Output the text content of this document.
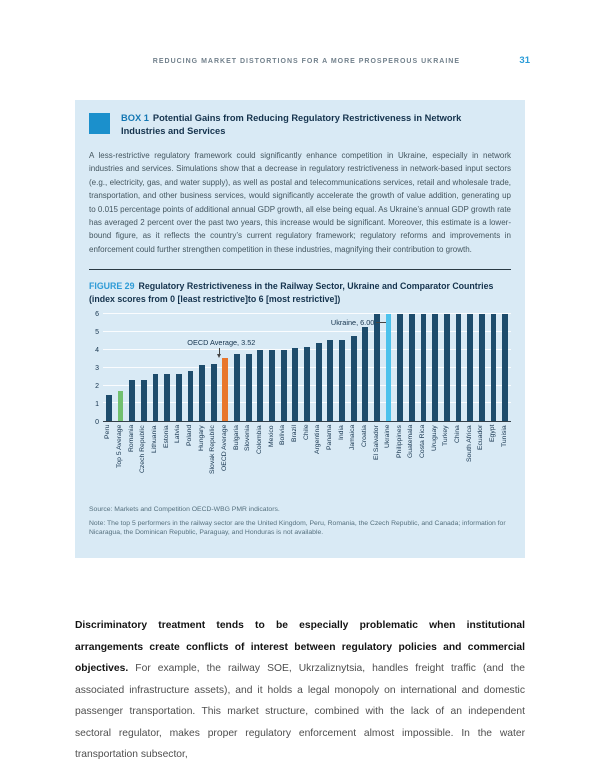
REDUCING MARKET DISTORTIONS FOR A MORE PROSPEROUS UKRAINE	31
BOX 1 Potential Gains from Reducing Regulatory Restrictiveness in Network Industries and Services
A less-restrictive regulatory framework could significantly enhance competition in Ukraine, especially in network industries and services. Simulations show that a decrease in regulatory restrictiveness in network-based input sectors (e.g., electricity, gas, and water supply), as well as postal and telecommunications services, retail and wholesale trade, transportation, and other business services, would significantly accelerate the growth of value addition, generating up to 0.015 percentage points of additional annual GDP growth, all else being equal. As Ukraine’s annual GDP growth rate has averaged 2 percent over the past two years, this increase would be significant. Moreover, this estimate is a lower-bound figure, as it reflects the country’s current regulatory framework; regulatory reforms and improvements in enforcement could further strengthen competition in these industries, magnifying their contribution to growth.
FIGURE 29 Regulatory Restrictiveness in the Railway Sector, Ukraine and Comparator Countries
(index scores from 0 [least restrictive]to 6 [most restrictive])
0
1
2
3
4
5
6
OECD Average, 3.52
Ukraine, 6.00
Peru Top 5 Average Romania Czech Republic Lithuania Estonia Latvia Poland Hungary Slovak Republic OECD Average Bulgaria Slovenia Colombia Mexico Bolivia Brazil Chile Argentina Panama India Jamaica Croatia El Salvador Ukraine Philippines Guatemala Costa Rica Uruguay Turkey China South Africa Ecuador Egypt Tunisia
Source: Markets and Competition OECD-WBG PMR indicators.
Note: The top 5 performers in the railway sector are the United Kingdom, Peru, Romania, the Czech Republic, and Canada; information for Nicaragua, the Dominican Republic, Paraguay, and Honduras is not available.
Discriminatory treatment tends to be especially problematic when institutional arrangements create conflicts of interest between regulatory policies and commercial objectives. For example, the railway SOE, Ukrzaliznytsia, handles freight traffic (and the associated infrastructure assets), and it holds a legal monopoly on international and domestic passenger transportation. This market structure, combined with the lack of an independent sectoral regulator, makes proper regulatory enforcement almost impossible. In the water transportation subsector,
